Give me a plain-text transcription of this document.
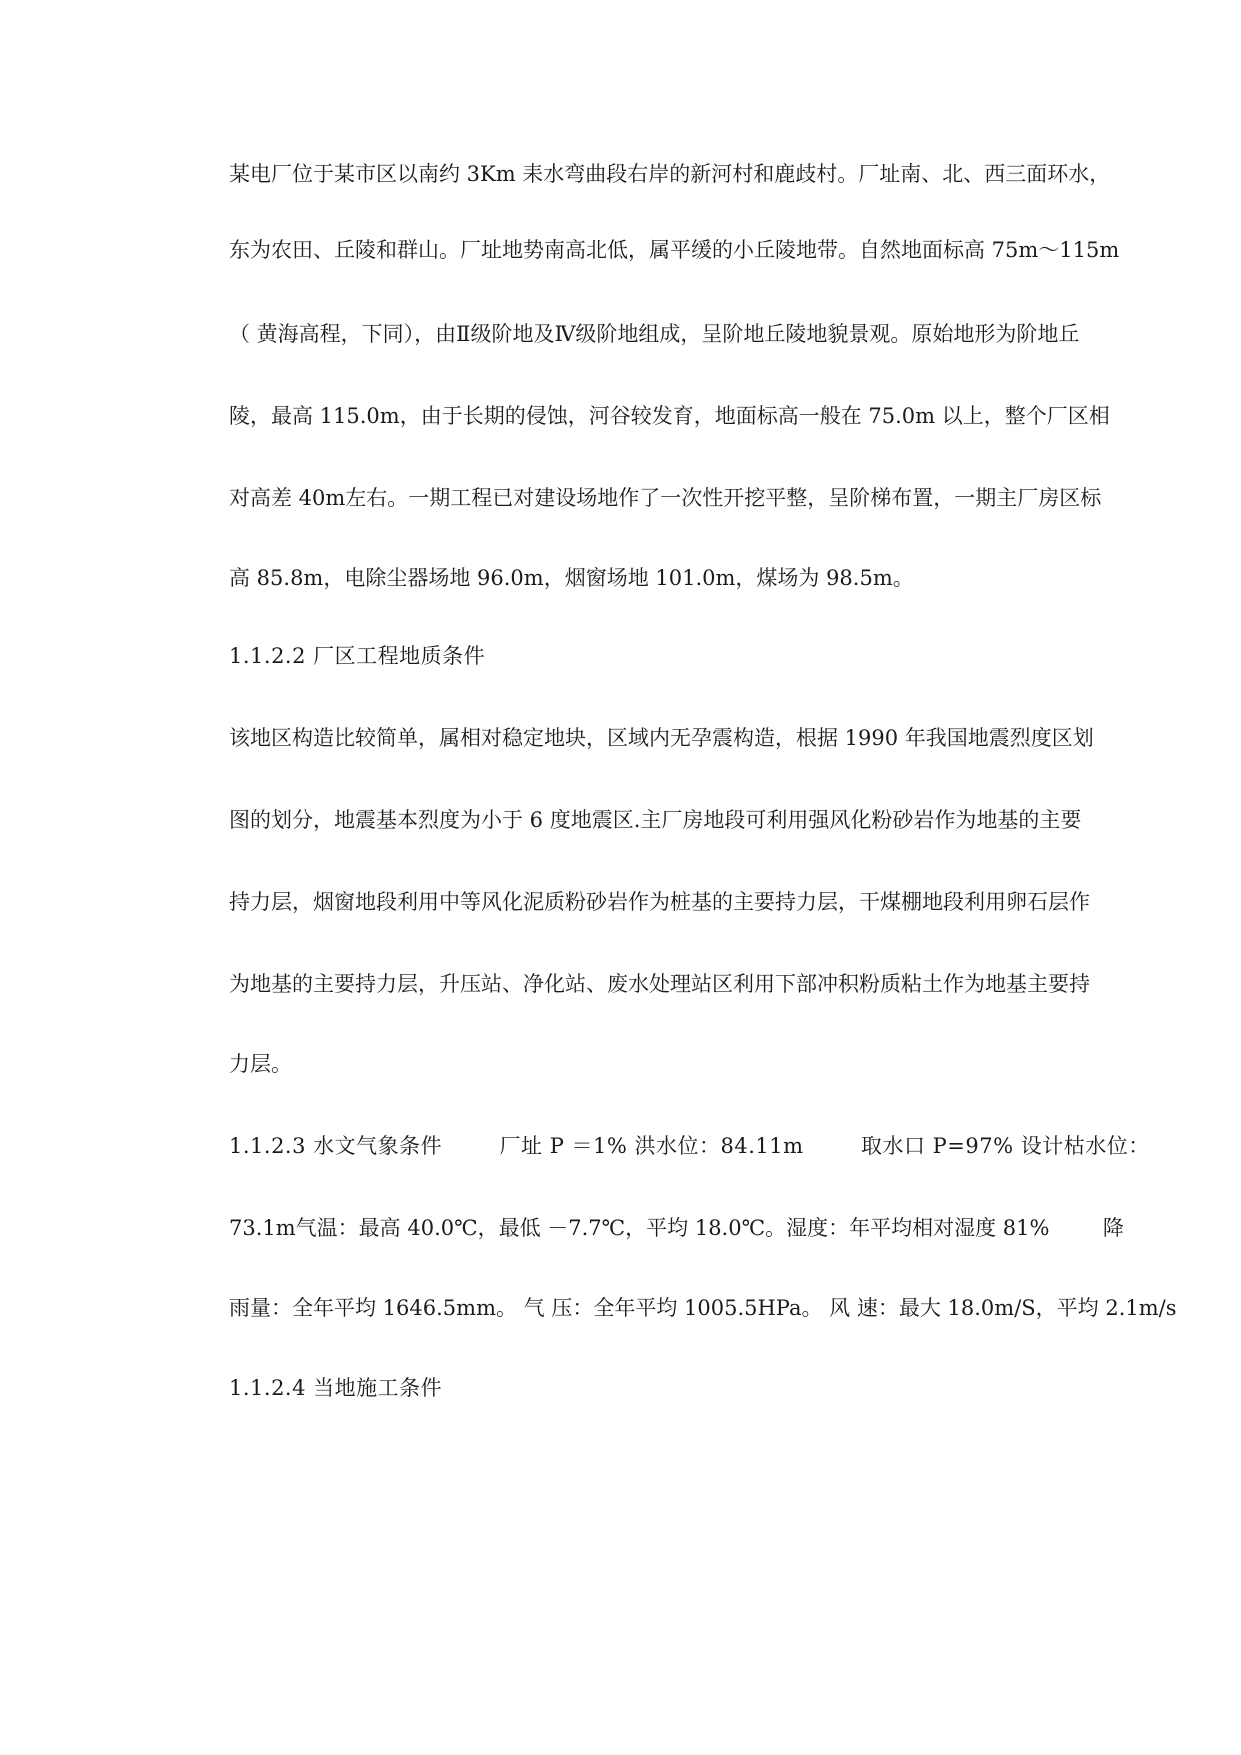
某电厂位于某市区以南约 3Km 耒水弯曲段右岸的新河村和鹿歧村。厂址南、北、西三面环水，
东为农田、丘陵和群山。厂址地势南高北低，属平缓的小丘陵地带。自然地面标高 75m～115m
（ 黄海高程，下同），由Ⅱ级阶地及Ⅳ级阶地组成，呈阶地丘陵地貌景观。原始地形为阶地丘
陵，最高 115.0m，由于长期的侵蚀，河谷较发育，地面标高一般在 75.0m 以上，整个厂区相
对高差 40m左右。一期工程已对建设场地作了一次性开挖平整，呈阶梯布置，一期主厂房区标
高 85.8m，电除尘器场地 96.0m，烟窗场地 101.0m，煤场为 98.5m。
1.1.2.2 厂区工程地质条件
该地区构造比较简单，属相对稳定地块，区域内无孕震构造，根据 1990 年我国地震烈度区划
图的划分，地震基本烈度为小于 6 度地震区.主厂房地段可利用强风化粉砂岩作为地基的主要
持力层，烟窗地段利用中等风化泥质粉砂岩作为桩基的主要持力层，干煤棚地段利用卵石层作
为地基的主要持力层，升压站、净化站、废水处理站区利用下部冲积粉质粘土作为地基主要持
力层。
1.1.2.3 水文气象条件        厂址 P ＝1% 洪水位：84.11m        取水口 P=97% 设计枯水位：
73.1m气温：最高 40.0℃，最低 －7.7℃，平均 18.0℃。湿度：年平均相对湿度 81%        降
雨量：全年平均 1646.5mm。 气 压：全年平均 1005.5HPa。 风 速：最大 18.0m/S，平均 2.1m/s
1.1.2.4 当地施工条件
